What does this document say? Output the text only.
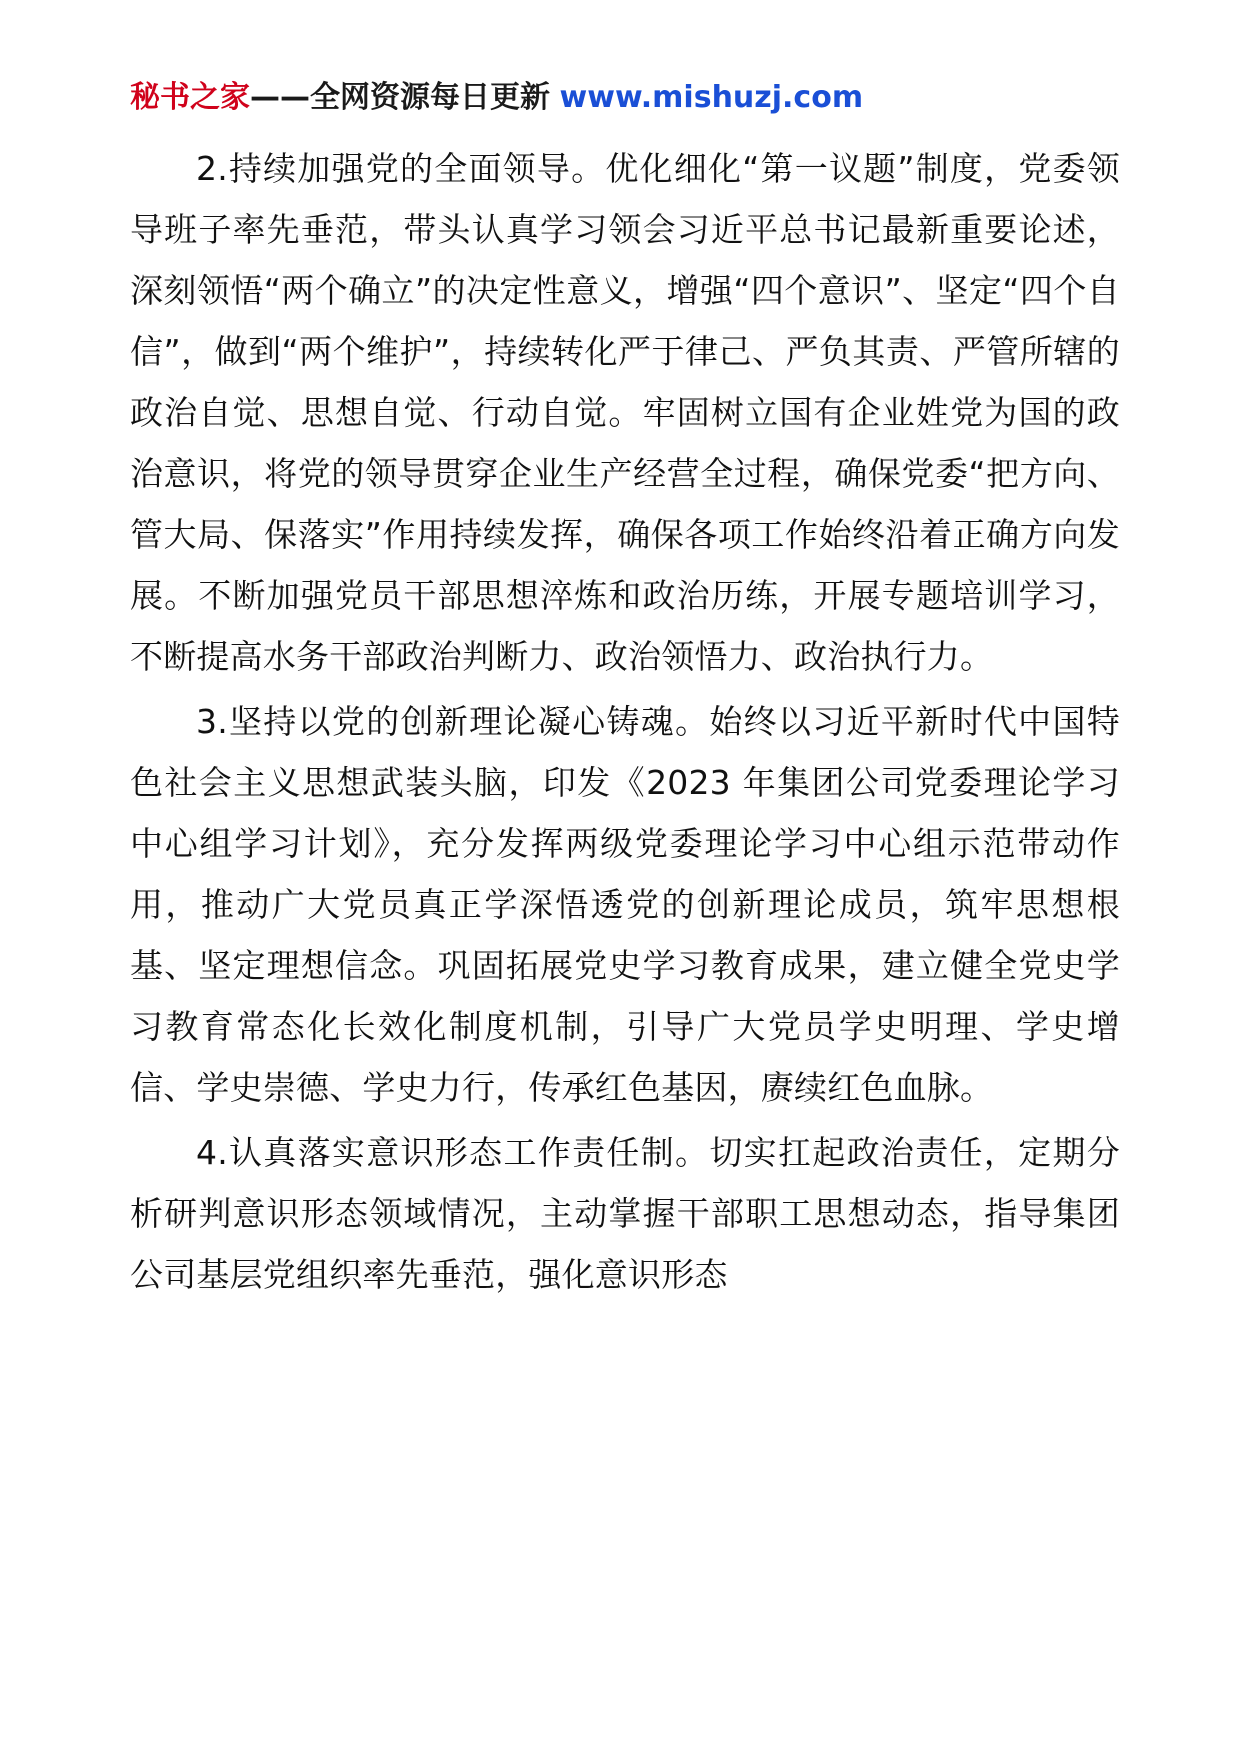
秘书之家——全网资源每日更新 www.mishuzj.com

2.持续加强党的全面领导。优化细化“第一议题”制度，党委领导班子率先垂范，带头认真学习领会习近平总书记最新重要论述，深刻领悟“两个确立”的决定性意义，增强“四个意识”、坚定“四个自信”，做到“两个维护”，持续转化严于律己、严负其责、严管所辖的政治自觉、思想自觉、行动自觉。牢固树立国有企业姓党为国的政治意识，将党的领导贯穿企业生产经营全过程，确保党委“把方向、管大局、保落实”作用持续发挥，确保各项工作始终沿着正确方向发展。不断加强党员干部思想淬炼和政治历练，开展专题培训学习，不断提高水务干部政治判断力、政治领悟力、政治执行力。

3.坚持以党的创新理论凝心铸魂。始终以习近平新时代中国特色社会主义思想武装头脑，印发《2023 年集团公司党委理论学习中心组学习计划》，充分发挥两级党委理论学习中心组示范带动作用，推动广大党员真正学深悟透党的创新理论成员，筑牢思想根基、坚定理想信念。巩固拓展党史学习教育成果，建立健全党史学习教育常态化长效化制度机制，引导广大党员学史明理、学史增信、学史崇德、学史力行，传承红色基因，赓续红色血脉。

4.认真落实意识形态工作责任制。切实扛起政治责任，定期分析研判意识形态领域情况，主动掌握干部职工思想动态，指导集团公司基层党组织率先垂范，强化意识形态
